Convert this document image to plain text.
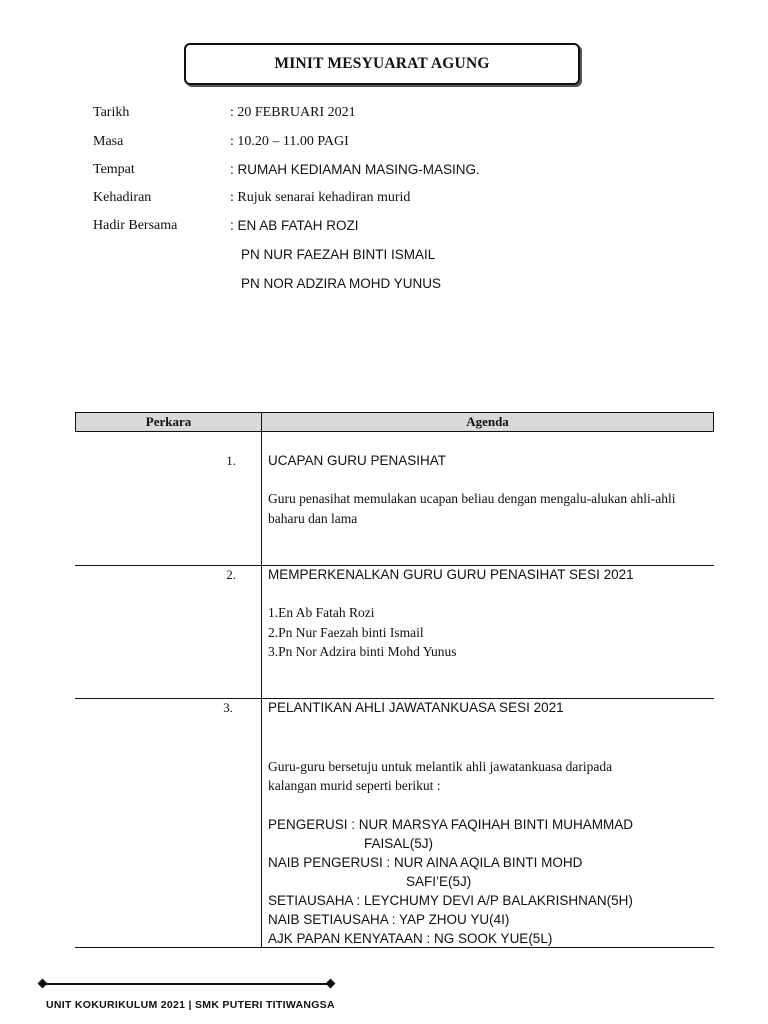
MINIT MESYUARAT AGUNG
Tarikh	: 20 FEBRUARI 2021
Masa	: 10.20 – 11.00 PAGI
Tempat	: RUMAH KEDIAMAN MASING-MASING.
Kehadiran	: Rujuk senarai kehadiran murid
Hadir Bersama	: EN AB FATAH ROZI
PN NUR FAEZAH BINTI ISMAIL
PN NOR ADZIRA MOHD YUNUS
Perkara	Agenda
1. UCAPAN GURU PENASIHAT
Guru penasihat memulakan ucapan beliau dengan mengalu-alukan ahli-ahli baharu dan lama
2. MEMPERKENALKAN GURU GURU PENASIHAT SESI 2021
1.En Ab Fatah Rozi
2.Pn Nur Faezah binti Ismail
3.Pn Nor Adzira binti Mohd Yunus
3.	PELANTIKAN AHLI JAWATANKUASA SESI 2021
Guru-guru bersetuju untuk melantik ahli jawatankuasa daripada
kalangan murid seperti berikut :
PENGERUSI : NUR MARSYA FAQIHAH BINTI MUHAMMAD
FAISAL(5J)
NAIB PENGERUSI : NUR AINA AQILA BINTI MOHD
SAFI’E(5J)
SETIAUSAHA : LEYCHUMY DEVI A/P BALAKRISHNAN(5H)
NAIB SETIAUSAHA : YAP ZHOU YU(4I)
AJK PAPAN KENYATAAN : NG SOOK YUE(5L)
UNIT KOKURIKULUM 2021 | SMK PUTERI TITIWANGSA
